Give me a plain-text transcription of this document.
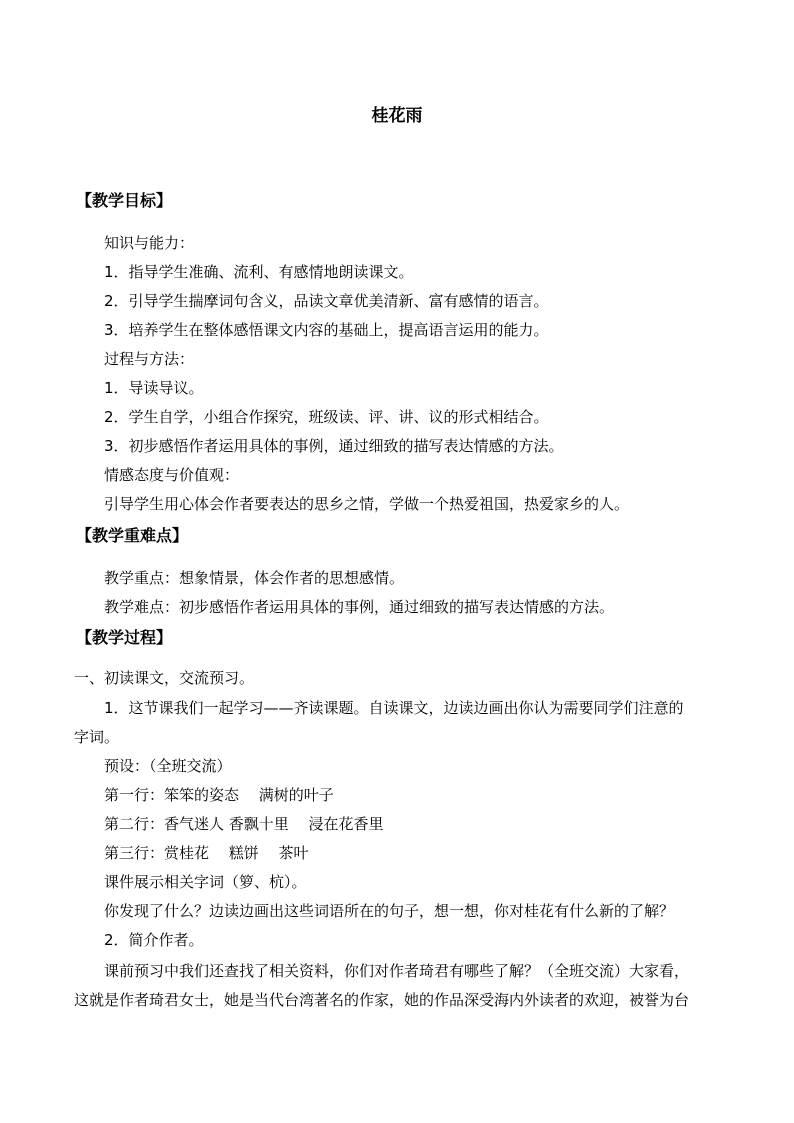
桂花雨
【教学目标】
知识与能力：
1．指导学生准确、流利、有感情地朗读课文。
2．引导学生揣摩词句含义，品读文章优美清新、富有感情的语言。
3．培养学生在整体感悟课文内容的基础上，提高语言运用的能力。
过程与方法：
1．导读导议。
2．学生自学，小组合作探究，班级读、评、讲、议的形式相结合。
3．初步感悟作者运用具体的事例，通过细致的描写表达情感的方法。
情感态度与价值观：
引导学生用心体会作者要表达的思乡之情，学做一个热爱祖国，热爱家乡的人。
【教学重难点】
教学重点：想象情景，体会作者的思想感情。
教学难点：初步感悟作者运用具体的事例，通过细致的描写表达情感的方法。
【教学过程】
一、初读课文，交流预习。
1．这节课我们一起学习——齐读课题。自读课文，边读边画出你认为需要同学们注意的
字词。
预设：（全班交流）
第一行：笨笨的姿态　 满树的叶子
第二行：香气迷人 香飘十里　 浸在花香里
第三行：赏桂花　 糕饼　 茶叶
课件展示相关字词（箩、杭）。
你发现了什么？边读边画出这些词语所在的句子，想一想，你对桂花有什么新的了解？
2．简介作者。
课前预习中我们还查找了相关资料，你们对作者琦君有哪些了解？（全班交流）大家看，
这就是作者琦君女士，她是当代台湾著名的作家，她的作品深受海内外读者的欢迎，被誉为台
